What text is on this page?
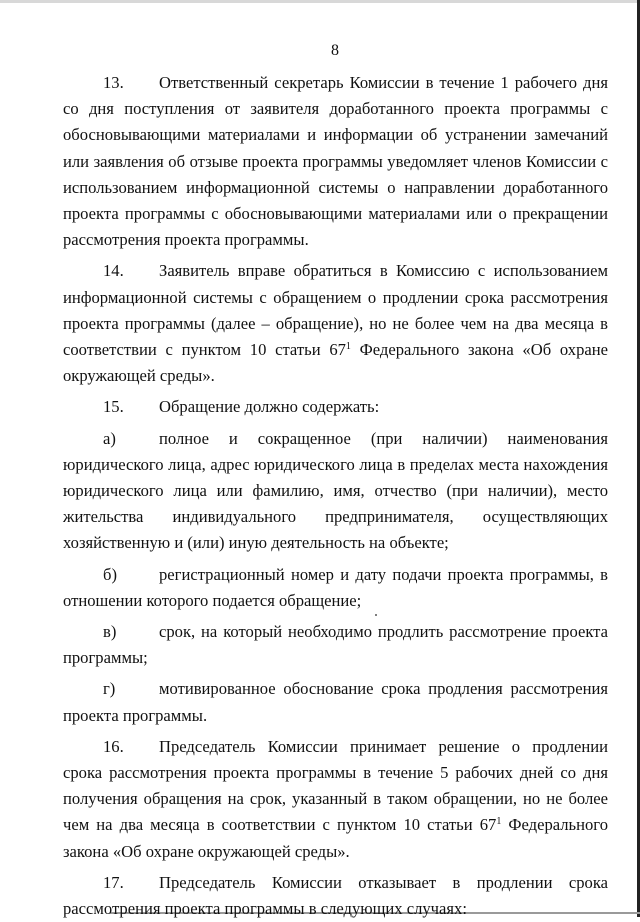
8

13. Ответственный секретарь Комиссии в течение 1 рабочего дня со дня поступления от заявителя доработанного проекта программы с обосновывающими материалами и информации об устранении замечаний или заявления об отзыве проекта программы уведомляет членов Комиссии с использованием информационной системы о направлении доработанного проекта программы с обосновывающими материалами или о прекращении рассмотрения проекта программы.

14. Заявитель вправе обратиться в Комиссию с использованием информационной системы с обращением о продлении срока рассмотрения проекта программы (далее – обращение), но не более чем на два месяца в соответствии с пунктом 10 статьи $67^1$ Федерального закона «Об охране окружающей среды».

15. Обращение должно содержать:

а)	полное и сокращенное (при наличии) наименования юридического лица, адрес юридического лица в пределах места нахождения юридического лица или фамилию, имя, отчество (при наличии), место жительства индивидуального предпринимателя, осуществляющих хозяйственную и (или) иную деятельность на объекте;

б)	регистрационный номер и дату подачи проекта программы, в отношении которого подается обращение;

в)	срок, на который необходимо продлить рассмотрение проекта программы;

г)	мотивированное обоснование срока продления рассмотрения проекта программы.

16. Председатель Комиссии принимает решение о продлении срока рассмотрения проекта программы в течение 5 рабочих дней со дня получения обращения на срок, указанный в таком обращении, но не более чем на два месяца в соответствии с пунктом 10 статьи $67^1$ Федерального закона «Об охране окружающей среды».

17. Председатель Комиссии отказывает в продлении срока рассмотрения проекта программы в следующих случаях:
